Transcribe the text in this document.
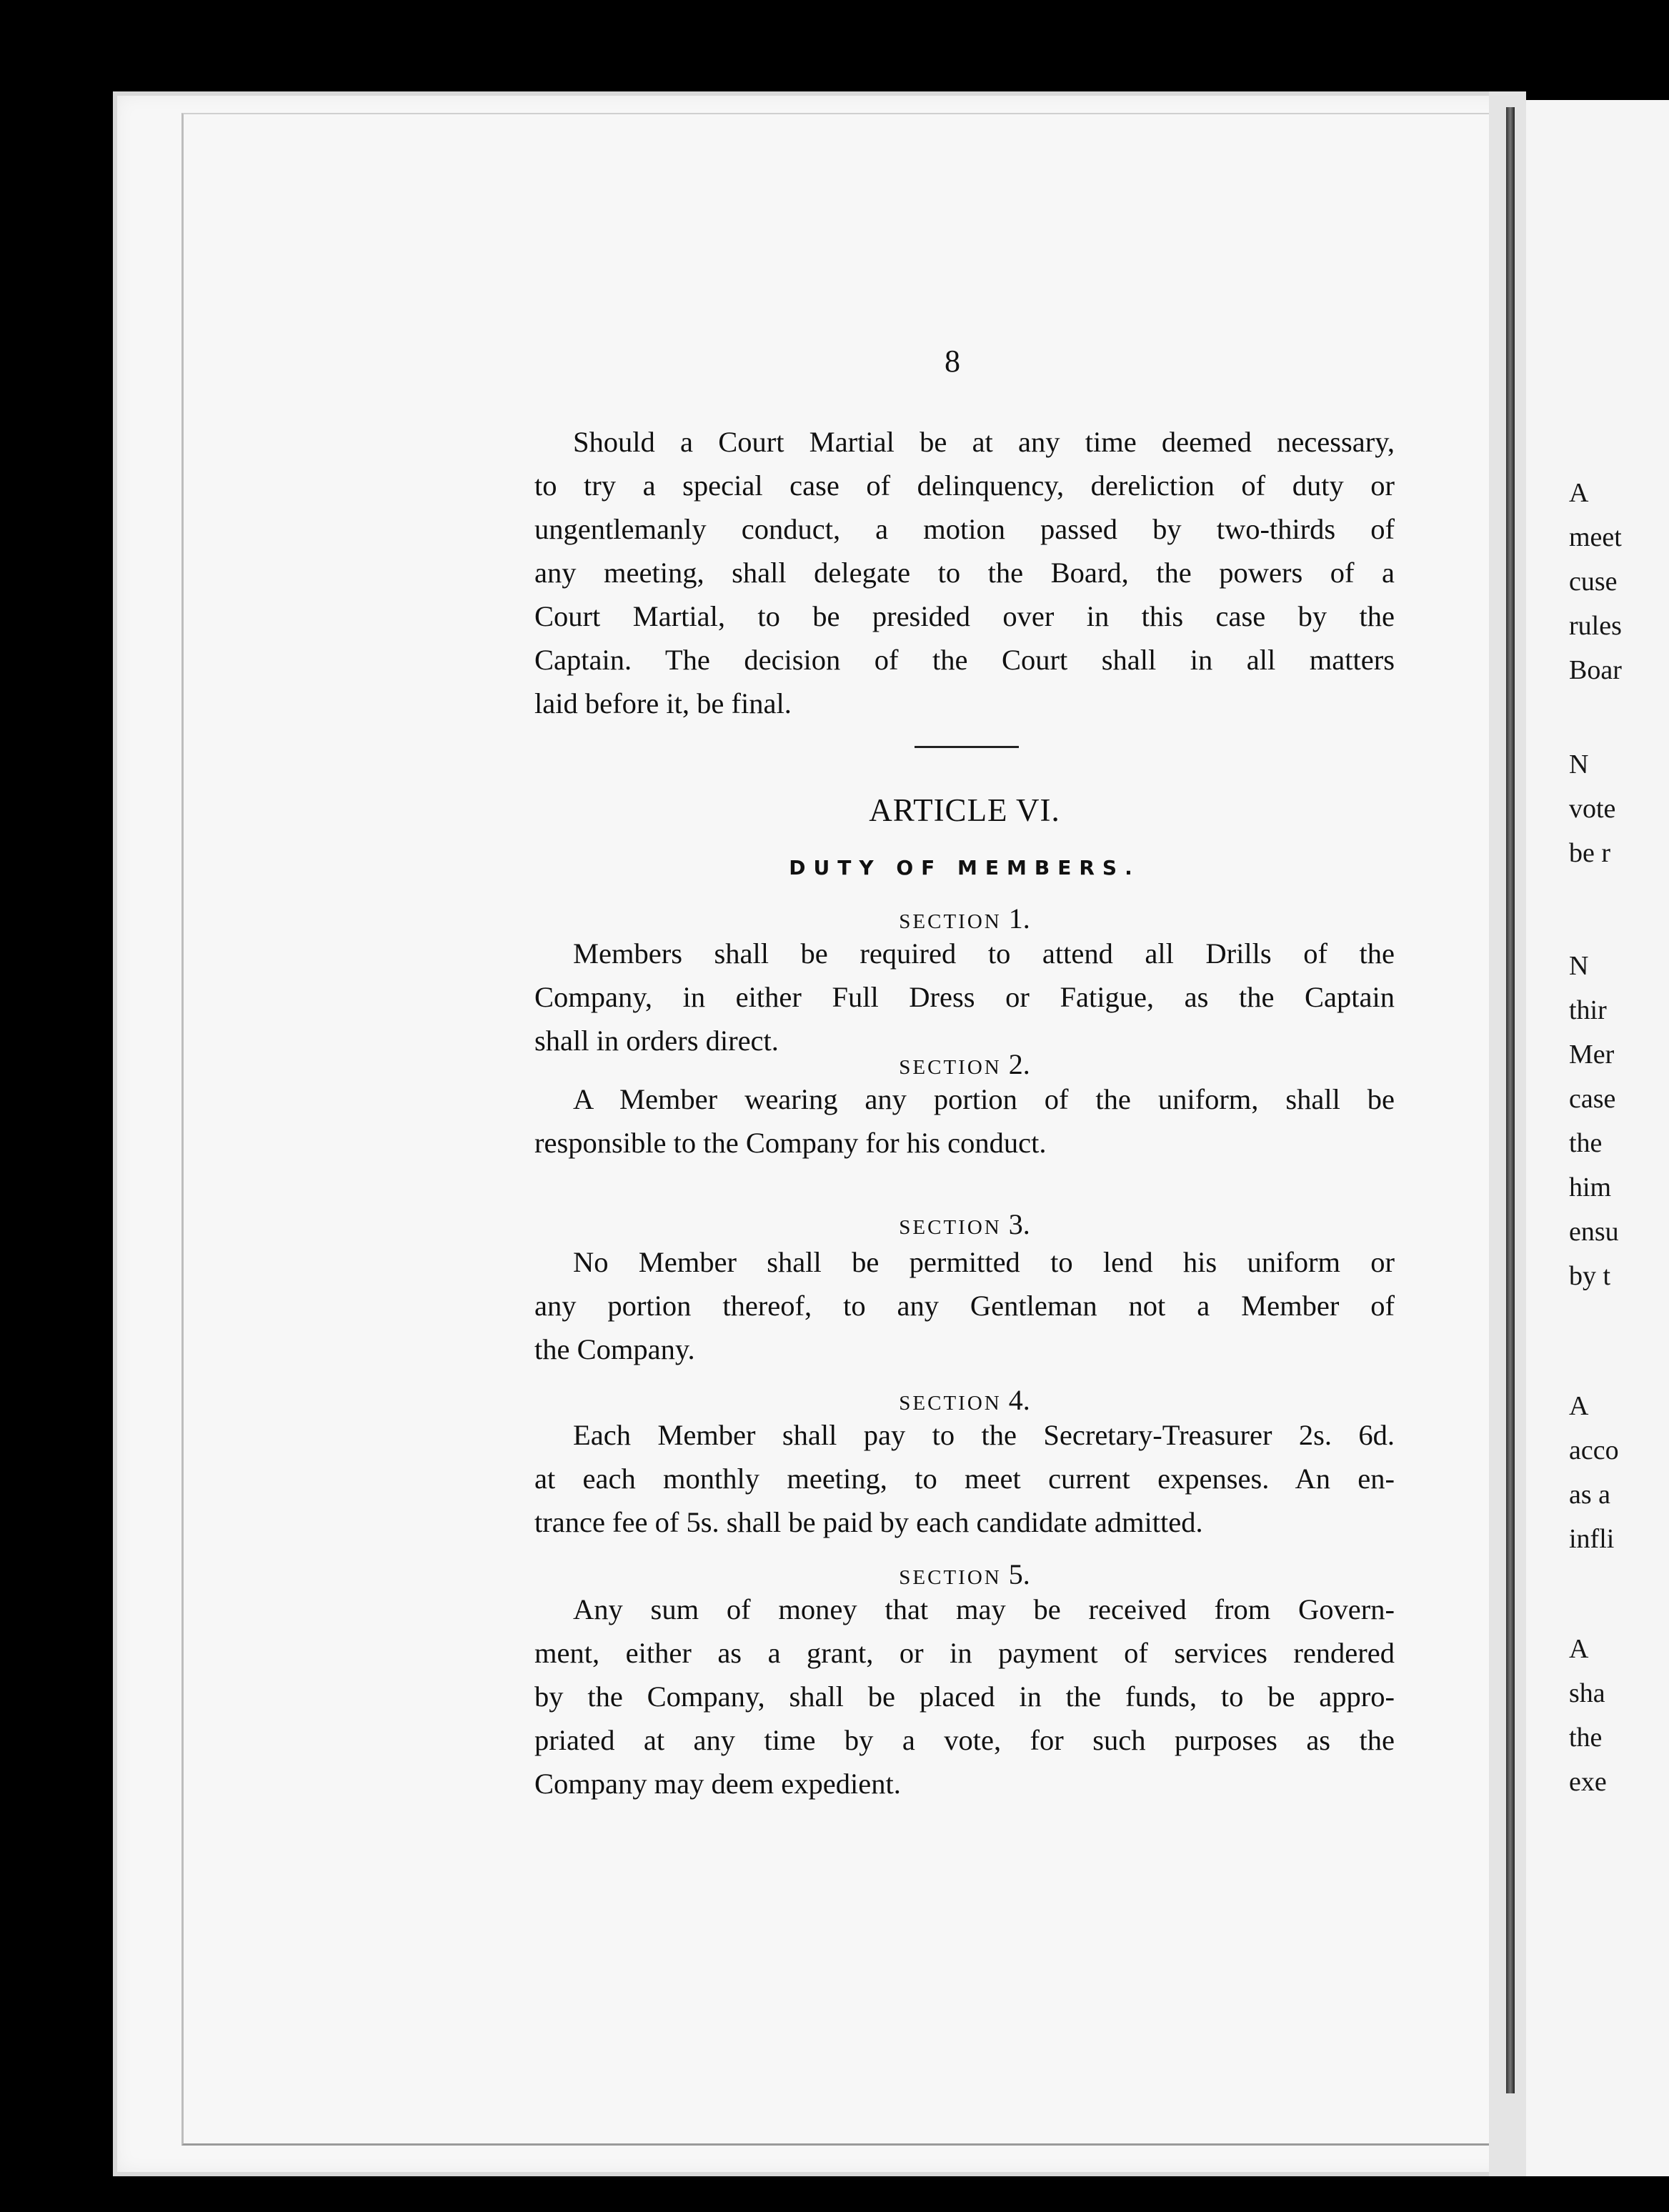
A
meet
cuse
rules
Boar
N
vote
be r
N
thir
Mer
case
the
him
ensu
by t
A
acco
as a
infli
A
sha
the
exe
8
Should a Court Martial be at any time deemed necessary,
to try a special case of delinquency, dereliction of duty or
ungentlemanly conduct, a motion passed by two-thirds of
any meeting, shall delegate to the Board, the powers of a
Court Martial, to be presided over in this case by the
Captain. The decision of the Court shall in all matters
laid before it, be final.
ARTICLE VI.
DUTY OF MEMBERS.
SECTION 1.
Members shall be required to attend all Drills of the
Company, in either Full Dress or Fatigue, as the Captain
shall in orders direct.
SECTION 2.
A Member wearing any portion of the uniform, shall be
responsible to the Company for his conduct.
SECTION 3.
No Member shall be permitted to lend his uniform or
any portion thereof, to any Gentleman not a Member of
the Company.
SECTION 4.
Each Member shall pay to the Secretary-Treasurer 2s. 6d.
at each monthly meeting, to meet current expenses. An en-
trance fee of 5s. shall be paid by each candidate admitted.
SECTION 5.
Any sum of money that may be received from Govern-
ment, either as a grant, or in payment of services rendered
by the Company, shall be placed in the funds, to be appro-
priated at any time by a vote, for such purposes as the
Company may deem expedient.
